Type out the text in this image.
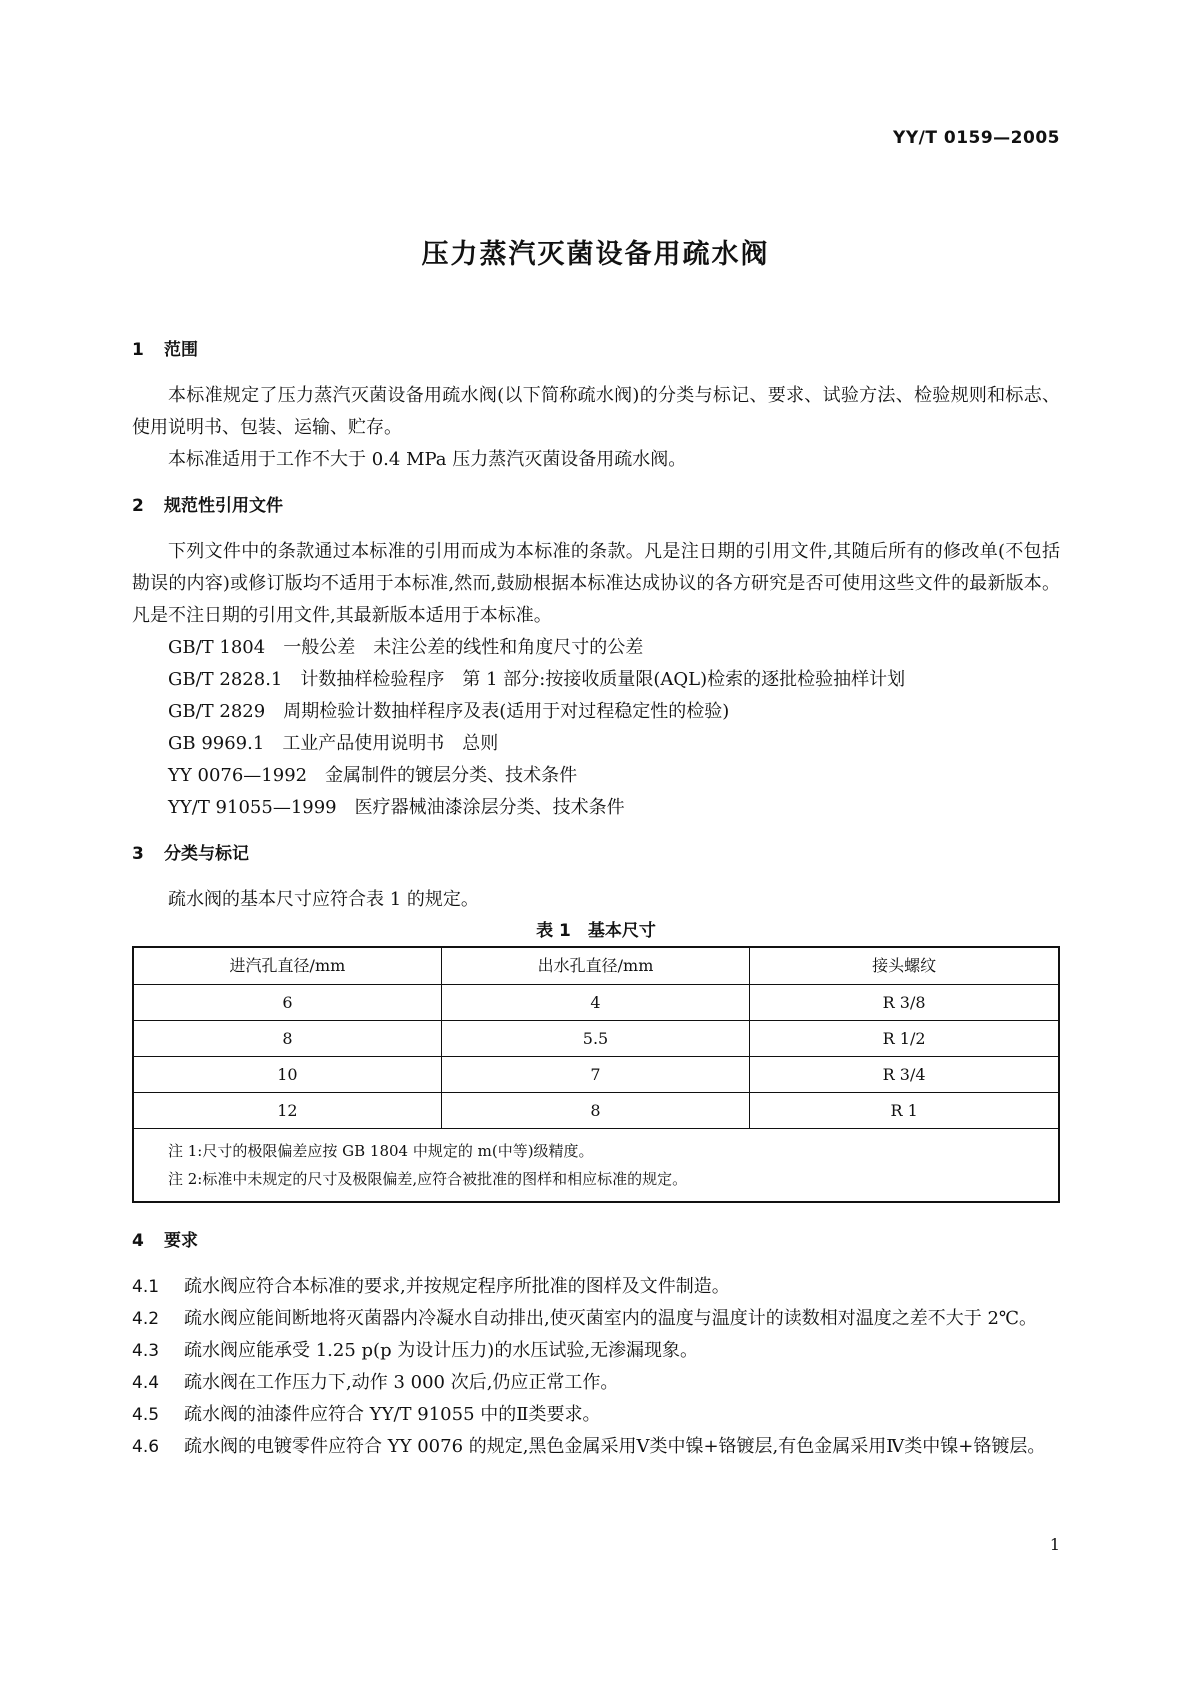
YY/T 0159—2005
压力蒸汽灭菌设备用疏水阀

1 范围

本标准规定了压力蒸汽灭菌设备用疏水阀(以下简称疏水阀)的分类与标记、要求、试验方法、检验规则和标志、使用说明书、包装、运输、贮存。

本标准适用于工作不大于 0.4 MPa 压力蒸汽灭菌设备用疏水阀。

2 规范性引用文件

下列文件中的条款通过本标准的引用而成为本标准的条款。凡是注日期的引用文件,其随后所有的修改单(不包括勘误的内容)或修订版均不适用于本标准,然而,鼓励根据本标准达成协议的各方研究是否可使用这些文件的最新版本。凡是不注日期的引用文件,其最新版本适用于本标准。

GB/T 1804 一般公差　未注公差的线性和角度尺寸的公差

GB/T 2828.1 计数抽样检验程序　第 1 部分:按接收质量限(AQL)检索的逐批检验抽样计划

GB/T 2829 周期检验计数抽样程序及表(适用于对过程稳定性的检验)

GB 9969.1 工业产品使用说明书　总则

YY 0076—1992 金属制件的镀层分类、技术条件

YY/T 91055—1999 医疗器械油漆涂层分类、技术条件

3 分类与标记

疏水阀的基本尺寸应符合表 1 的规定。

表 1　基本尺寸

进汽孔直径/mm	出水孔直径/mm	接头螺纹
6	4	R 3/8
8	5.5	R 1/2
10	7	R 3/4
12	8	R 1

注 1:尺寸的极限偏差应按 GB 1804 中规定的 m(中等)级精度。
注 2:标准中未规定的尺寸及极限偏差,应符合被批准的图样和相应标准的规定。		

4 要求

4.1 疏水阀应符合本标准的要求,并按规定程序所批准的图样及文件制造。

4.2 疏水阀应能间断地将灭菌器内冷凝水自动排出,使灭菌室内的温度与温度计的读数相对温度之差不大于 2℃。

4.3 疏水阀应能承受 1.25 p(p 为设计压力)的水压试验,无渗漏现象。

4.4 疏水阀在工作压力下,动作 3 000 次后,仍应正常工作。

4.5 疏水阀的油漆件应符合 YY/T 91055 中的Ⅱ类要求。

4.6 疏水阀的电镀零件应符合 YY 0076 的规定,黑色金属采用Ⅴ类中镍+铬镀层,有色金属采用Ⅳ类中镍+铬镀层。

1
